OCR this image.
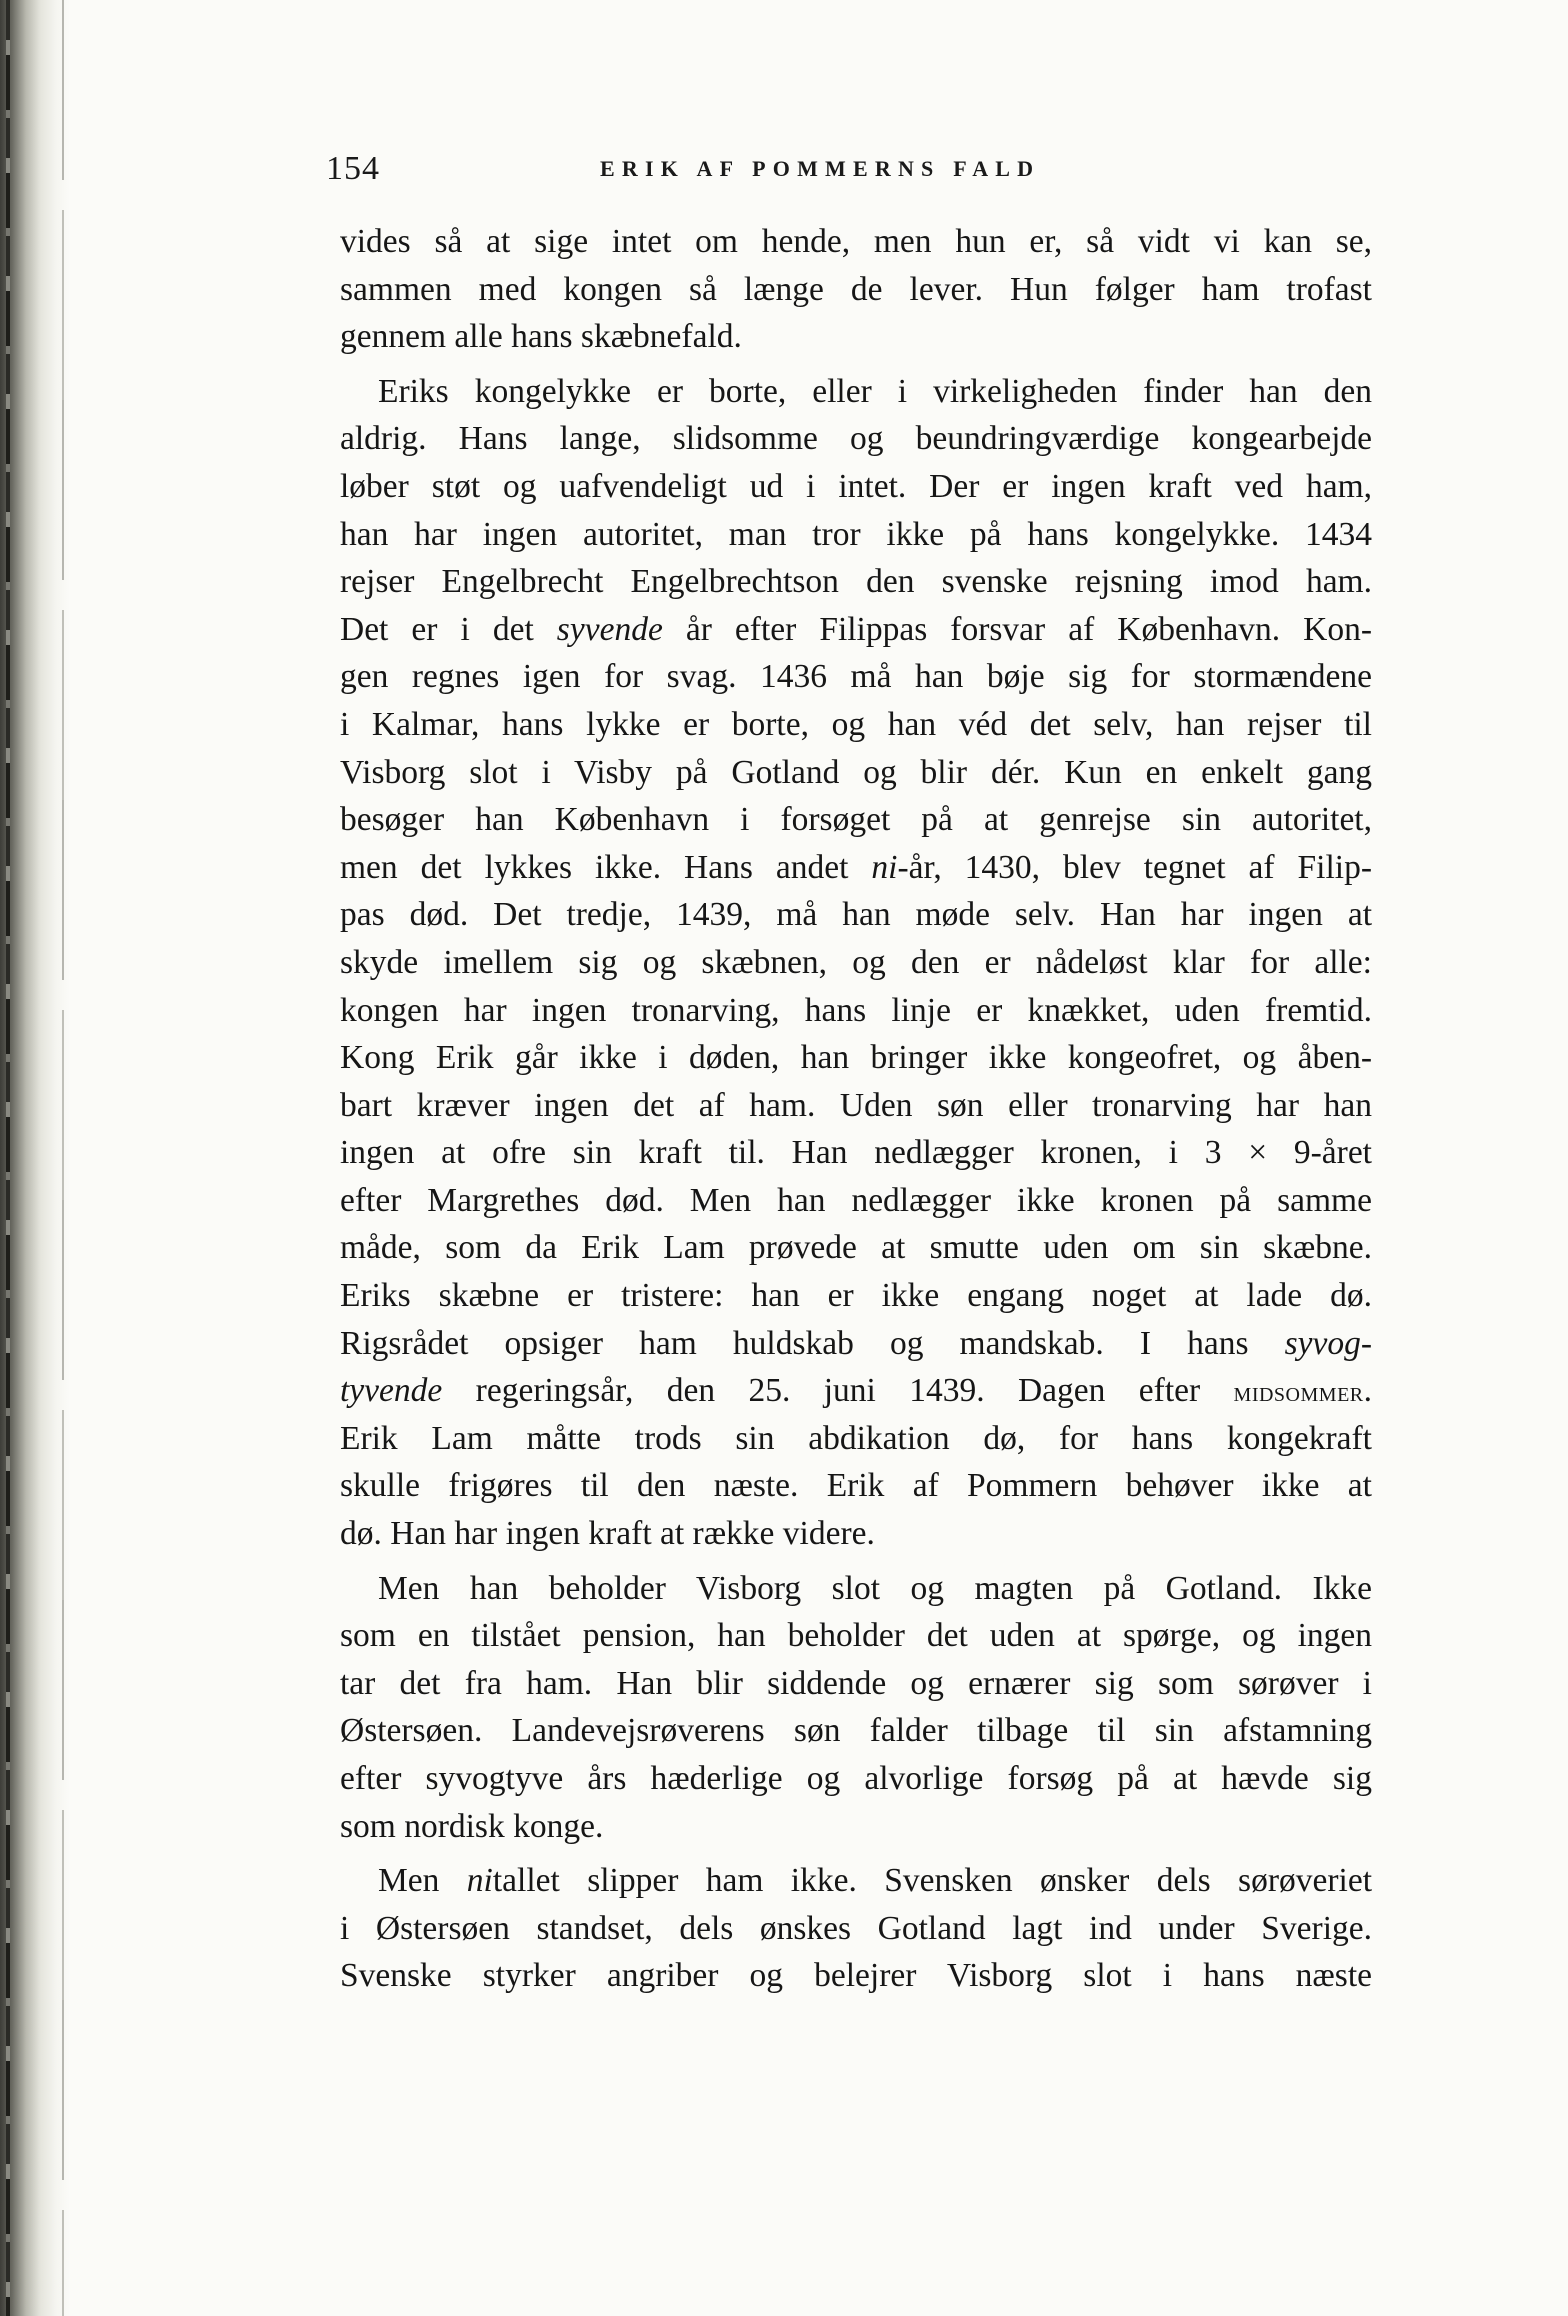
154	ERIK AF POMMERNS FALD
vides så at sige intet om hende, men hun er, så vidt vi kan se,
sammen med kongen så længe de lever. Hun følger ham trofast
gennem alle hans skæbnefald.
Eriks kongelykke er borte, eller i virkeligheden finder han den
aldrig. Hans lange, slidsomme og beundringværdige kongearbejde
løber støt og uafvendeligt ud i intet. Der er ingen kraft ved ham,
han har ingen autoritet, man tror ikke på hans kongelykke. 1434
rejser Engelbrecht Engelbrechtson den svenske rejsning imod ham.
Det er i det syvende år efter Filippas forsvar af København. Kon-
gen regnes igen for svag. 1436 må han bøje sig for stormændene
i Kalmar, hans lykke er borte, og han véd det selv, han rejser til
Visborg slot i Visby på Gotland og blir dér. Kun en enkelt gang
besøger han København i forsøget på at genrejse sin autoritet,
men det lykkes ikke. Hans andet ni-år, 1430, blev tegnet af Filip-
pas død. Det tredje, 1439, må han møde selv. Han har ingen at
skyde imellem sig og skæbnen, og den er nådeløst klar for alle:
kongen har ingen tronarving, hans linje er knækket, uden fremtid.
Kong Erik går ikke i døden, han bringer ikke kongeofret, og åben-
bart kræver ingen det af ham. Uden søn eller tronarving har han
ingen at ofre sin kraft til. Han nedlægger kronen, i 3 × 9-året
efter Margrethes død. Men han nedlægger ikke kronen på samme
måde, som da Erik Lam prøvede at smutte uden om sin skæbne.
Eriks skæbne er tristere: han er ikke engang noget at lade dø.
Rigsrådet opsiger ham huldskab og mandskab. I hans syvog-
tyvende regeringsår, den 25. juni 1439. Dagen efter midsommer.
Erik Lam måtte trods sin abdikation dø, for hans kongekraft
skulle frigøres til den næste. Erik af Pommern behøver ikke at
dø. Han har ingen kraft at række videre.
Men han beholder Visborg slot og magten på Gotland. Ikke
som en tilstået pension, han beholder det uden at spørge, og ingen
tar det fra ham. Han blir siddende og ernærer sig som sørøver i
Østersøen. Landevejsrøverens søn falder tilbage til sin afstamning
efter syvogtyve års hæderlige og alvorlige forsøg på at hævde sig
som nordisk konge.
Men nitallet slipper ham ikke. Svensken ønsker dels sørøveriet
i Østersøen standset, dels ønskes Gotland lagt ind under Sverige.
Svenske styrker angriber og belejrer Visborg slot i hans næste
